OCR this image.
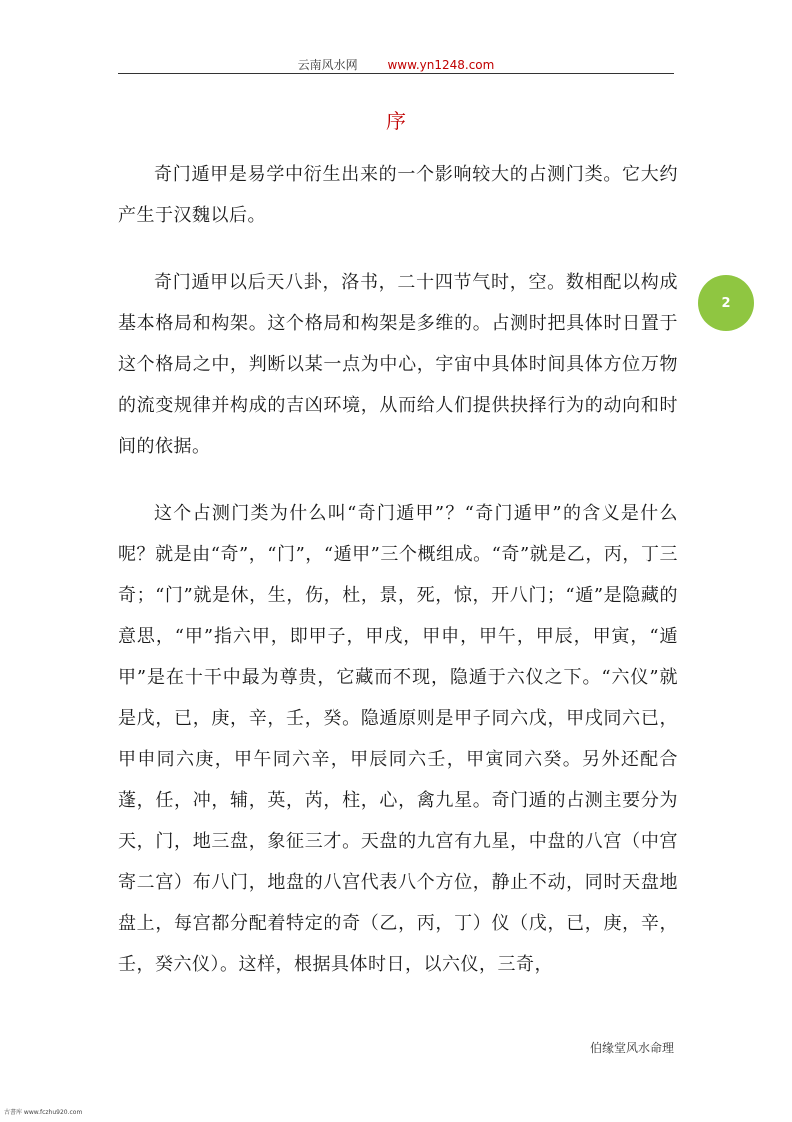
云南风水网 www.yn1248.com
序

奇门遁甲是易学中衍生出来的一个影响较大的占测门类。它大约产生于汉魏以后。

奇门遁甲以后天八卦，洛书，二十四节气时，空。数相配以构成基本格局和构架。这个格局和构架是多维的。占测时把具体时日置于这个格局之中，判断以某一点为中心，宇宙中具体时间具体方位万物的流变规律并构成的吉凶环境，从而给人们提供抉择行为的动向和时间的依据。

这个占测门类为什么叫“奇门遁甲”？“奇门遁甲”的含义是什么呢？就是由“奇”，“门”，“遁甲”三个概组成。“奇”就是乙，丙，丁三奇；“门”就是休，生，伤，杜，景，死，惊，开八门；“遁”是隐藏的意思，“甲”指六甲，即甲子，甲戌，甲申，甲午，甲辰，甲寅，“遁甲”是在十干中最为尊贵，它藏而不现，隐遁于六仪之下。“六仪”就是戊，已，庚，辛，壬，癸。隐遁原则是甲子同六戊，甲戌同六已，甲申同六庚，甲午同六辛，甲辰同六壬，甲寅同六癸。另外还配合蓬，任，冲，辅，英，芮，柱，心，禽九星。奇门遁的占测主要分为天，门，地三盘，象征三才。天盘的九宫有九星，中盘的八宫（中宫寄二宫）布八门，地盘的八宫代表八个方位，静止不动，同时天盘地盘上，每宫都分配着特定的奇（乙，丙，丁）仪（戊，已，庚，辛，壬，癸六仪）。这样，根据具体时日，以六仪，三奇，

2
伯缘堂风水命理
古書库 www.fczhu920.com
